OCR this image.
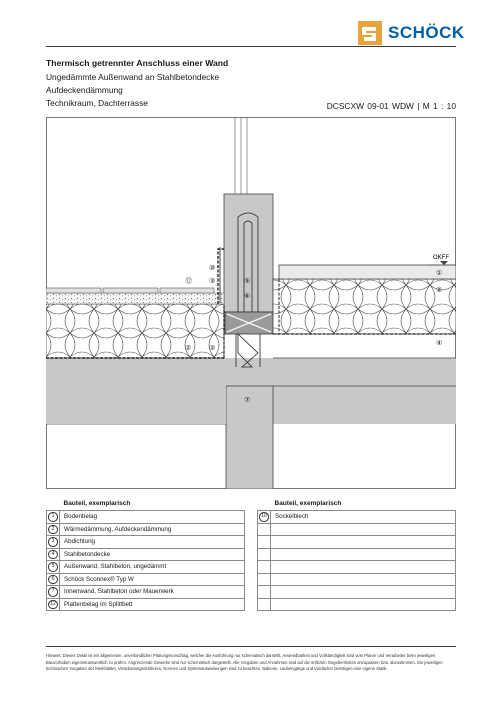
SCHÖCK
Thermisch getrennter Anschluss einer Wand
Ungedämmte Außenwand an Stahlbetondecke
Aufdeckendämmung
Technikraum, Dachterrasse	DCSCXW 09-01 WDW | M 1 : 10
OKFF
①
②
②	③
③
④
⑤
⑥
⑦
⑩
⑫
	Bauteil, exemplarisch
1	Bodenbelag
2	Wärmedämmung, Aufdeckendämmung
3	Abdichtung
4	Stahlbetondecke
5	Außenwand, Stahlbeton, ungedämmt
6	Schöck Sconnex® Typ W
7	Innenwand, Stahlbeton oder Mauerwerk
12	Plattenbelag im Splittbett
	Bauteil, exemplarisch
10	Sockelblech

Hinweis: Dieses Detail ist ein allgemeiner, unverbindlicher Planungsvorschlag, welcher die Ausführung nur schematisch darstellt. Anwendbarkeit und Vollständigkeit sind vom Planer und Verarbeiter beim jeweiligen Bauvorhaben eigenverantwortlich zu prüfen. Angrenzende Gewerke sind nur schematisch dargestellt. Alle Vorgaben und Annahmen sind auf die örtlichen Gegebenheiten anzupassen bzw. abzustimmen. Die jeweiligen technischen Vorgaben der Merkblätter, Verarbeitungsrichtlinien, Normen und Systemausweisungen sind zu beachten. Balkone, Laubengänge und Vordächer benötigen eine eigene Statik.
